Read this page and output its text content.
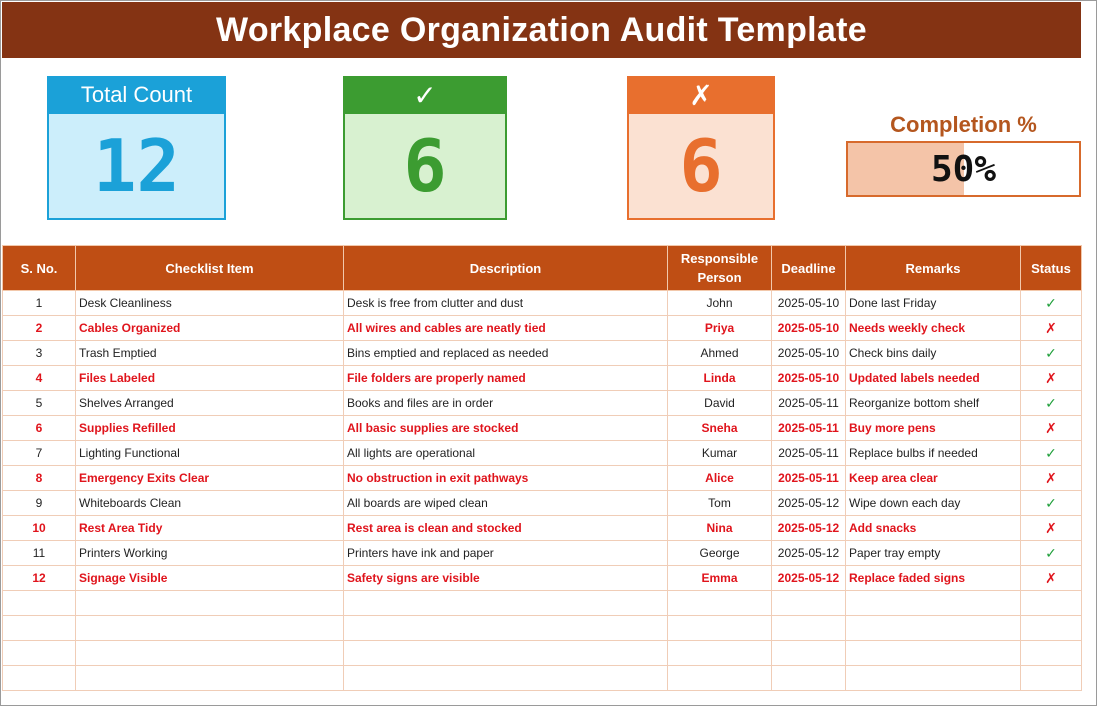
Workplace Organization Audit Template
Total Count
12
✓
6
✗
6	Completion %
50%
S. No.	Checklist Item	Description	Responsible Person	Deadline	Remarks	Status
1	Desk Cleanliness	Desk is free from clutter and dust	John	2025-05-10	Done last Friday	✓
2	Cables Organized	All wires and cables are neatly tied	Priya	2025-05-10	Needs weekly check	✗
3	Trash Emptied	Bins emptied and replaced as needed	Ahmed	2025-05-10	Check bins daily	✓
4	Files Labeled	File folders are properly named	Linda	2025-05-10	Updated labels needed	✗
5	Shelves Arranged	Books and files are in order	David	2025-05-11	Reorganize bottom shelf	✓
6	Supplies Refilled	All basic supplies are stocked	Sneha	2025-05-11	Buy more pens	✗
7	Lighting Functional	All lights are operational	Kumar	2025-05-11	Replace bulbs if needed	✓
8	Emergency Exits Clear	No obstruction in exit pathways	Alice	2025-05-11	Keep area clear	✗
9	Whiteboards Clean	All boards are wiped clean	Tom	2025-05-12	Wipe down each day	✓
10	Rest Area Tidy	Rest area is clean and stocked	Nina	2025-05-12	Add snacks	✗
11	Printers Working	Printers have ink and paper	George	2025-05-12	Paper tray empty	✓
12	Signage Visible	Safety signs are visible	Emma	2025-05-12	Replace faded signs	✗
